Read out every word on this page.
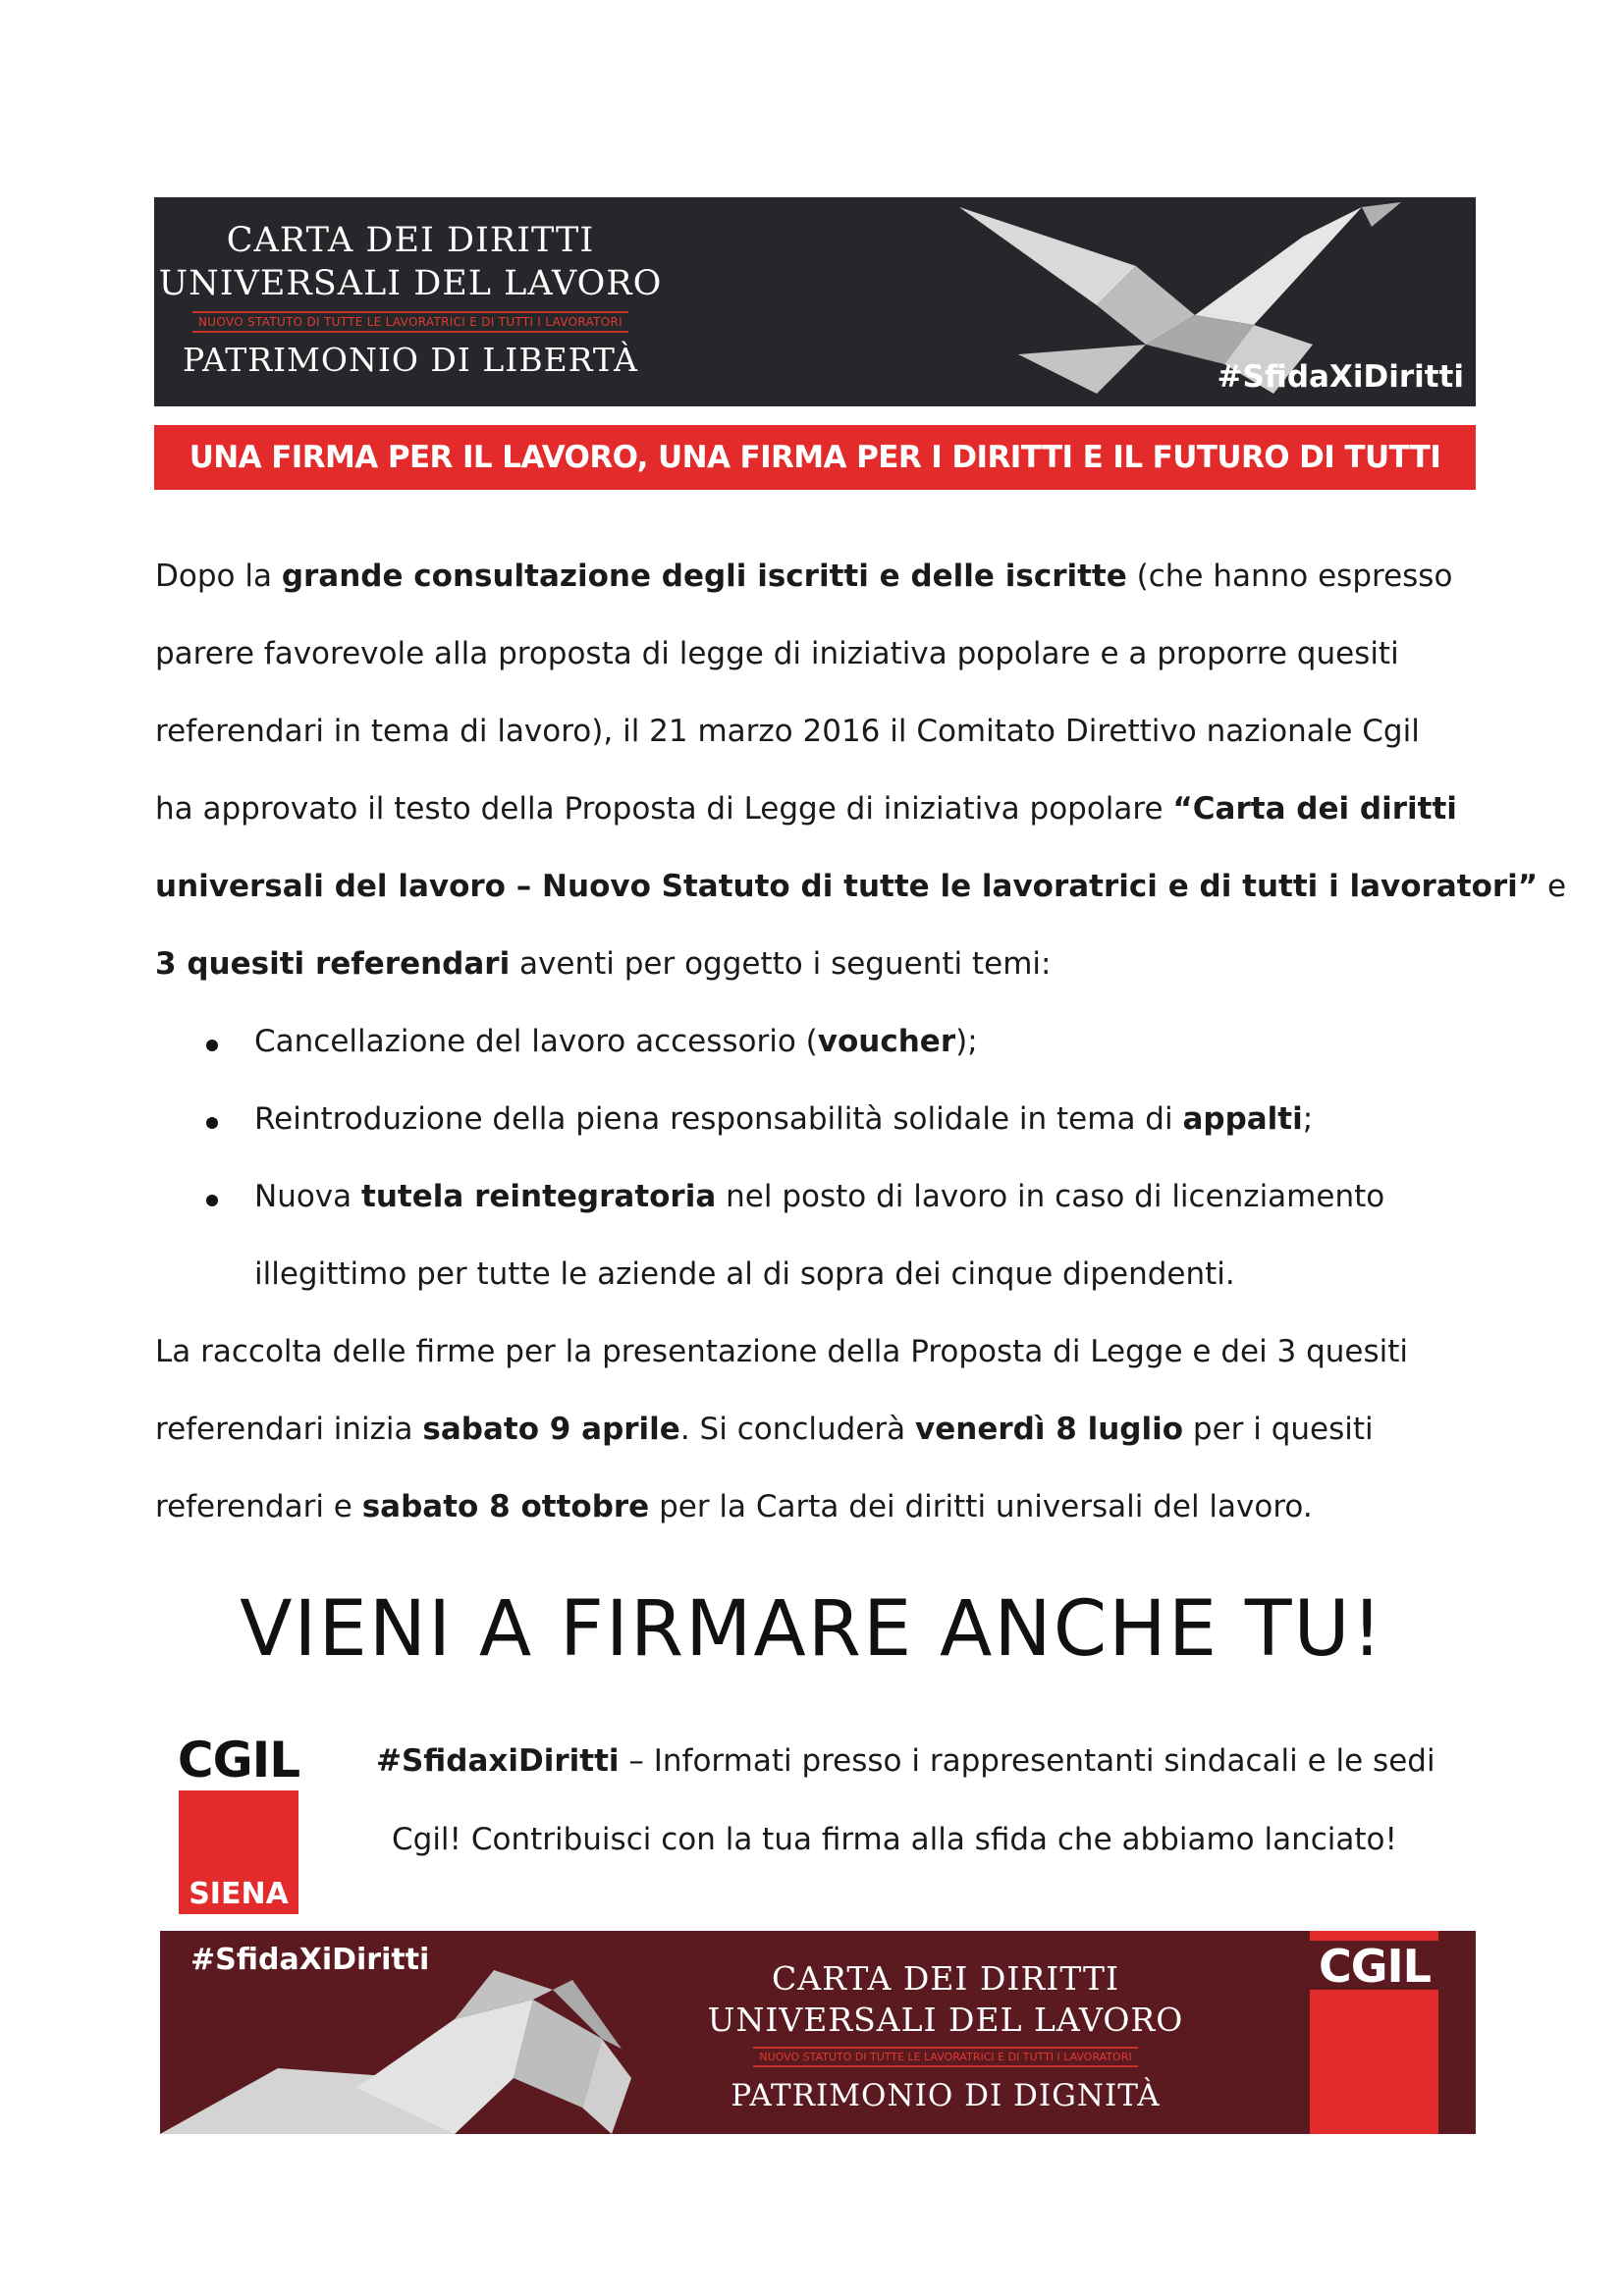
CARTA DEI DIRITTI
UNIVERSALI DEL LAVORO
NUOVO STATUTO DI TUTTE LE LAVORATRICI E DI TUTTI I LAVORATORI
PATRIMONIO DI LIBERTÀ	#SfidaXiDiritti
UNA FIRMA PER IL LAVORO, UNA FIRMA PER I DIRITTI E IL FUTURO DI TUTTI
Dopo la grande consultazione degli iscritti e delle iscritte (che hanno espresso
parere favorevole alla proposta di legge di iniziativa popolare e a proporre quesiti
referendari in tema di lavoro), il 21 marzo 2016 il Comitato Direttivo nazionale Cgil
ha approvato il testo della Proposta di Legge di iniziativa popolare “Carta dei diritti
universali del lavoro – Nuovo Statuto di tutte le lavoratrici e di tutti i lavoratori” e
3 quesiti referendari aventi per oggetto i seguenti temi:
Cancellazione del lavoro accessorio (voucher);
Reintroduzione della piena responsabilità solidale in tema di appalti;
Nuova tutela reintegratoria nel posto di lavoro in caso di licenziamento
illegittimo per tutte le aziende al di sopra dei cinque dipendenti.
La raccolta delle firme per la presentazione della Proposta di Legge e dei 3 quesiti
referendari inizia sabato 9 aprile. Si concluderà venerdì 8 luglio per i quesiti
referendari e sabato 8 ottobre per la Carta dei diritti universali del lavoro.
VIENI A FIRMARE ANCHE TU!
CGIL
SIENA
#SfidaxiDiritti – Informati presso i rappresentanti sindacali e le sedi
Cgil! Contribuisci con la tua firma alla sfida che abbiamo lanciato!
#SfidaXiDiritti	CARTA DEI DIRITTI
UNIVERSALI DEL LAVORO
NUOVO STATUTO DI TUTTE LE LAVORATRICI E DI TUTTI I LAVORATORI
PATRIMONIO DI DIGNITÀ
CGIL
